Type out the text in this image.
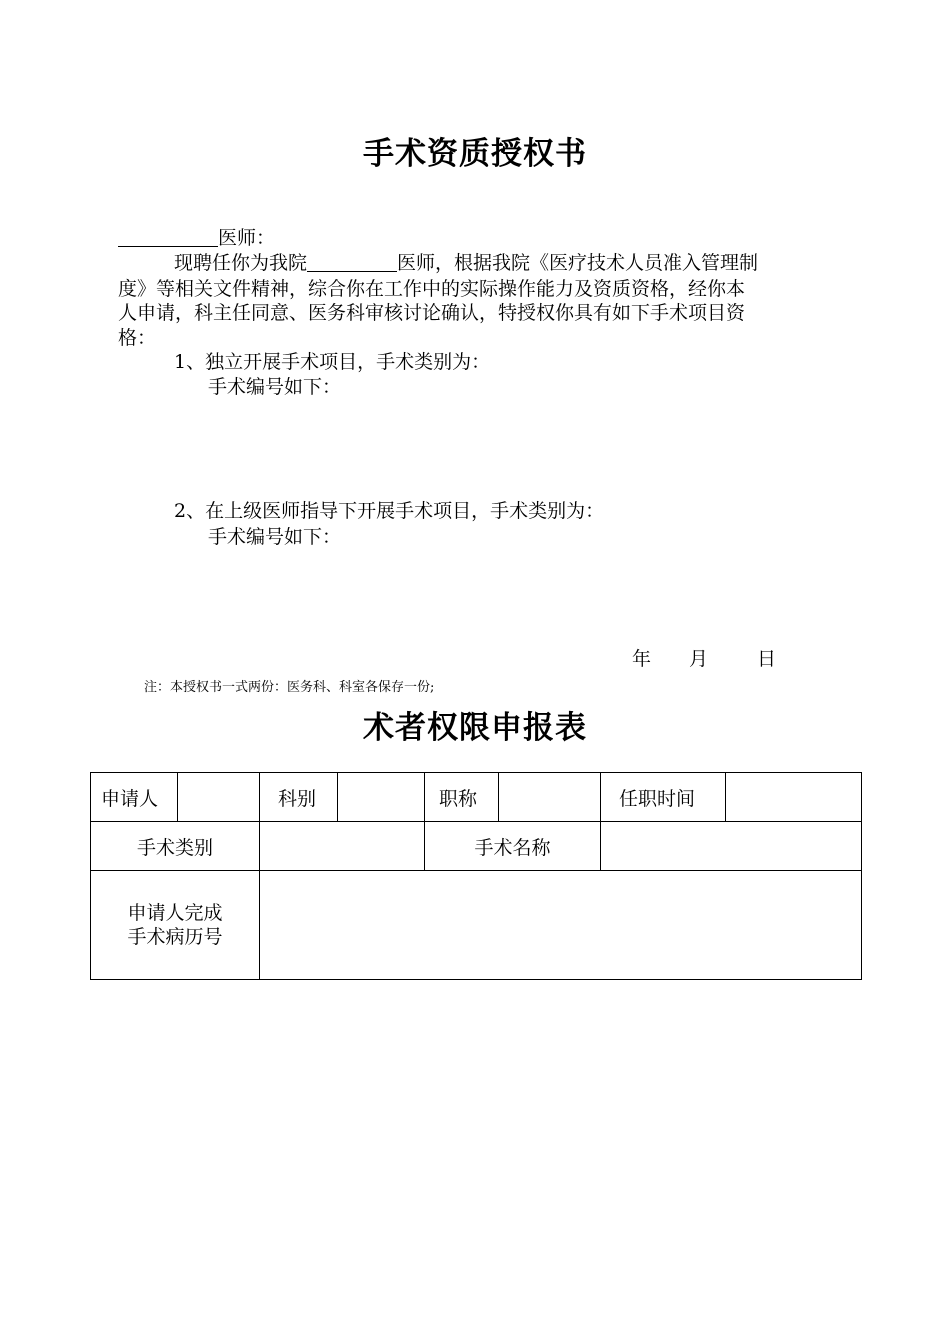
手术资质授权书
医师：
现聘任你为我院	医师，根据我院《医疗技术人员准入管理制
度》等相关文件精神，综合你在工作中的实际操作能力及资质资格，经你本
人申请，科主任同意、医务科审核讨论确认，特授权你具有如下手术项目资
格：
1、独立开展手术项目，手术类别为：
手术编号如下：
2、在上级医师指导下开展手术项目，手术类别为：
手术编号如下：
年 月	日
注：本授权书一式两份：医务科、科室各保存一份;
术者权限申报表
申请人		科别		职称		任职时间	
手术类别				手术名称			

申请人完成
手术病历号							
